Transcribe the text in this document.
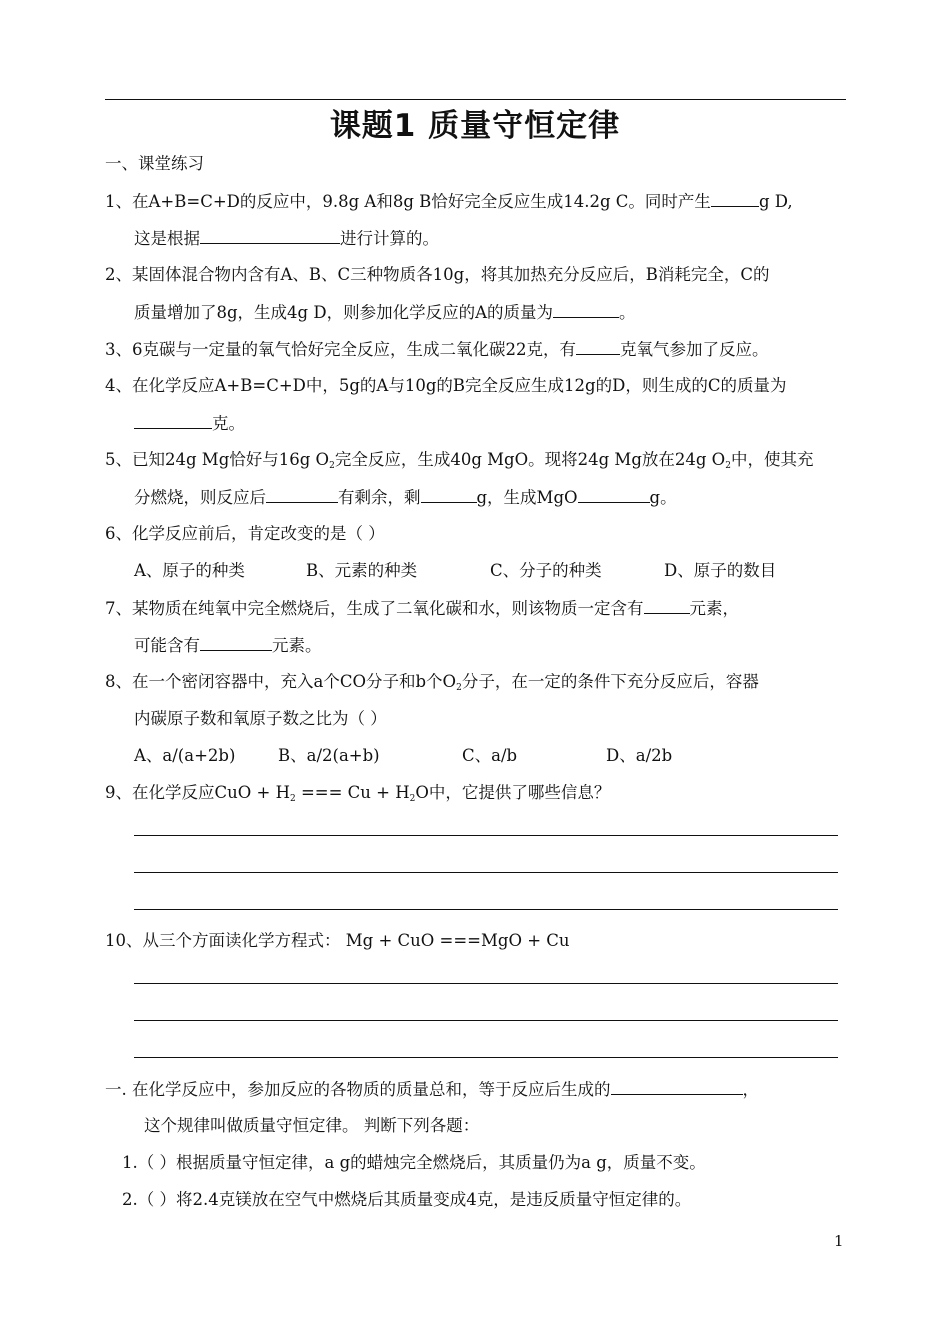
课题1 质量守恒定律
一、课堂练习
1、在A+B=C+D的反应中，9.8g A和8g B恰好完全反应生成14.2g C。同时产生	g D,
这是根据	进行计算的。
2、某固体混合物内含有A、B、C三种物质各10g，将其加热充分反应后，B消耗完全，C的
质量增加了8g，生成4g D，则参加化学反应的A的质量为	。
3、6克碳与一定量的氧气恰好完全反应，生成二氧化碳22克，有	克氧气参加了反应。
4、在化学反应A+B=C+D中，5g的A与10g的B完全反应生成12g的D，则生成的C的质量为
克。
5、已知24g Mg恰好与16g O2完全反应，生成40g MgO。现将24g Mg放在24g O2中，使其充
分燃烧，则反应后	有剩余，剩	g，生成MgO	g。
6、化学反应前后，肯定改变的是（ ）
A、原子的种类	B、元素的种类	C、分子的种类	D、原子的数目
7、某物质在纯氧中完全燃烧后，生成了二氧化碳和水，则该物质一定含有	元素，
可能含有	元素。
8、在一个密闭容器中，充入a个CO分子和b个O2分子，在一定的条件下充分反应后，容器
内碳原子数和氧原子数之比为（ ）
A、a/(a+2b)	B、a/2(a+b)	C、a/b	D、a/2b
9、在化学反应CuO + H2 === Cu + H2O中，它提供了哪些信息？
10、从三个方面读化学方程式： Mg + CuO ===MgO + Cu
一. 在化学反应中，参加反应的各物质的质量总和，等于反应后生成的	，
这个规律叫做质量守恒定律。 判断下列各题：
1.（ ）根据质量守恒定律，a g的蜡烛完全燃烧后，其质量仍为a g，质量不变。
2.（ ）将2.4克镁放在空气中燃烧后其质量变成4克，是违反质量守恒定律的。
1
